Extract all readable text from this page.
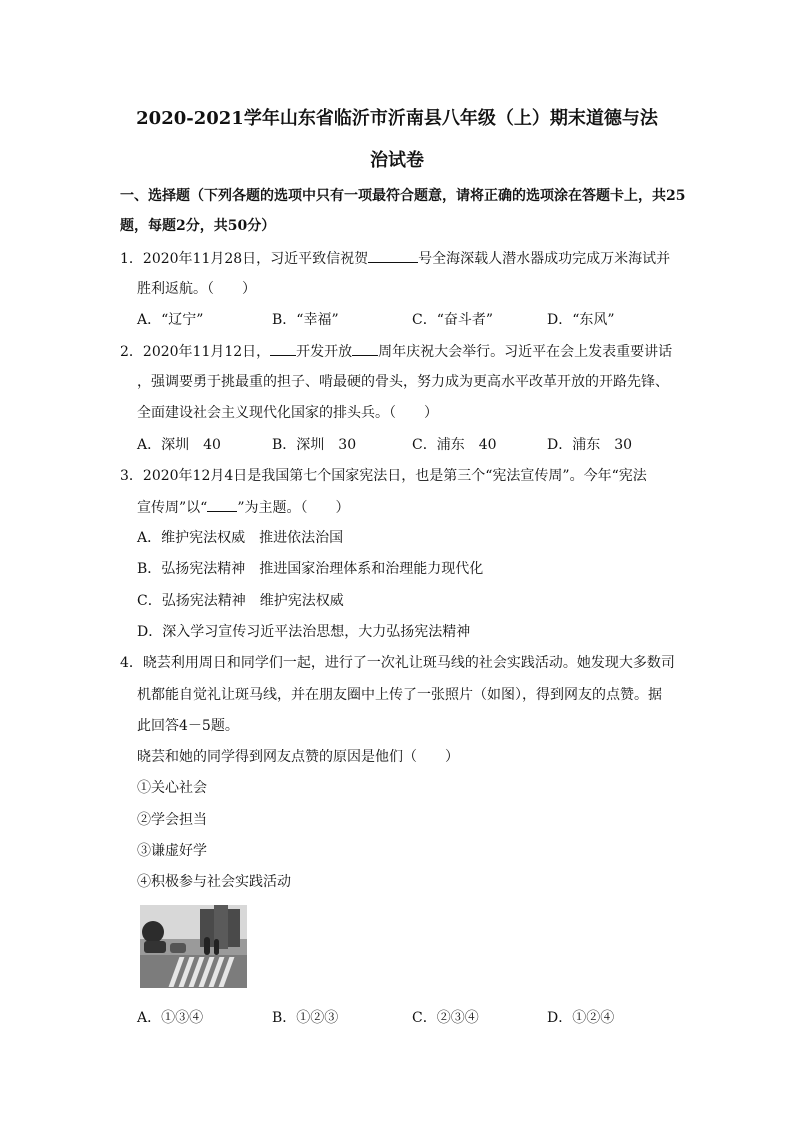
2020-2021学年山东省临沂市沂南县八年级（上）期末道德与法
治试卷
一、选择题（下列各题的选项中只有一项最符合题意，请将正确的选项涂在答题卡上，共25
题，每题2分，共50分）
1．2020年11月28日，习近平致信祝贺	号全海深载人潜水器成功完成万米海试并
胜利返航。（　　）
A．“辽宁”	B．“幸福”	C．“奋斗者”	D．“东风”
2．2020年11月12日， 开发开放 周年庆祝大会举行。习近平在会上发表重要讲话
，强调要勇于挑最重的担子、啃最硬的骨头，努力成为更高水平改革开放的开路先锋、
全面建设社会主义现代化国家的排头兵。（　　）
A．深圳　40	B．深圳　30	C．浦东　40	D．浦东　30
3．2020年12月4日是我国第七个国家宪法日，也是第三个“宪法宣传周”。今年“宪法
宣传周”以“ ”为主题。（　　）
A．维护宪法权威　推进依法治国
B．弘扬宪法精神　推进国家治理体系和治理能力现代化
C．弘扬宪法精神　维护宪法权威
D．深入学习宣传习近平法治思想，大力弘扬宪法精神
4．晓芸利用周日和同学们一起，进行了一次礼让斑马线的社会实践活动。她发现大多数司
机都能自觉礼让斑马线，并在朋友圈中上传了一张照片（如图），得到网友的点赞。据
此回答4－5题。
晓芸和她的同学得到网友点赞的原因是他们（　　）
①关心社会
②学会担当
③谦虚好学
④积极参与社会实践活动
A．①③④	B．①②③	C．②③④	D．①②④
